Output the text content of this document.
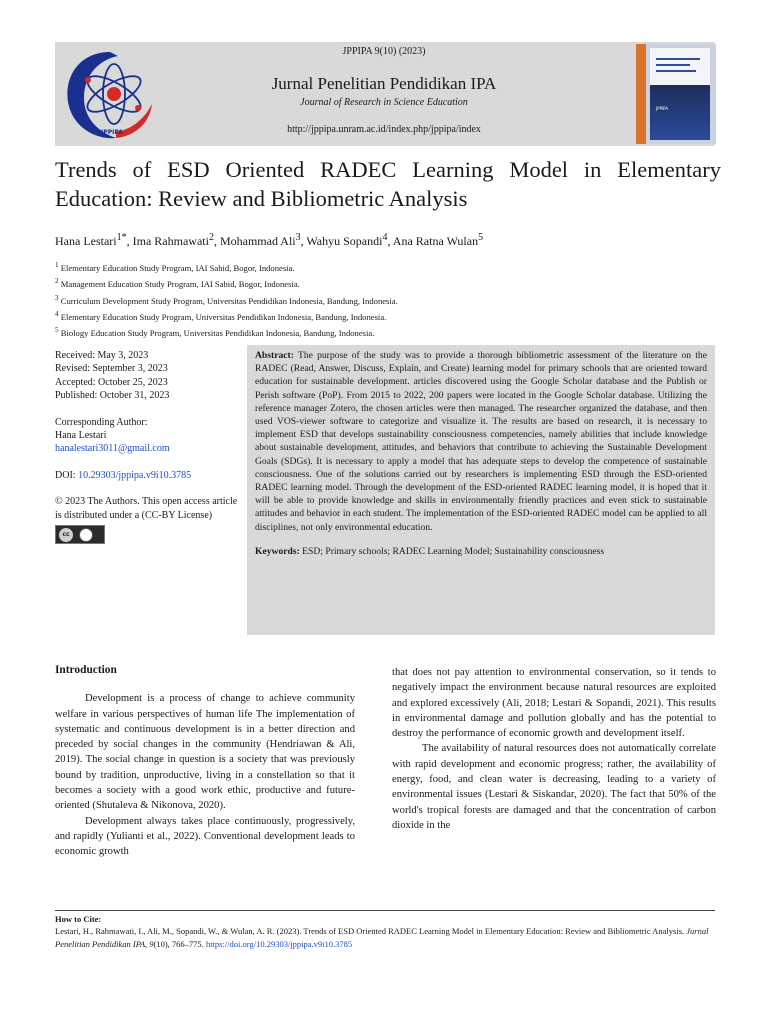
JPPIPA
JPPIPA
JPPIPA 9(10) (2023)
Jurnal Penelitian Pendidikan IPA
Journal of Research in Science Education
http://jppipa.unram.ac.id/index.php/jppipa/index
Trends of ESD Oriented RADEC Learning Model in Elementary Education: Review and Bibliometric Analysis
Hana Lestari$^{1*}$, Ima Rahmawati$^2$, Mohammad Ali$^3$, Wahyu Sopandi$^4$, Ana Ratna Wulan$^5$
$^1$ Elementary Education Study Program, IAI Sahid, Bogor, Indonesia.
$^2$ Management Education Study Program, IAI Sahid, Bogor, Indonesia.
$^3$ Curriculum Development Study Program, Universitas Pendidikan Indonesia, Bandung, Indonesia.
$^4$ Elementary Education Study Program, Universitas Pendidikan Indonesia, Bandung, Indonesia.
$^5$ Biology Education Study Program, Universitas Pendidikan Indonesia, Bandung, Indonesia.
Received: May 3, 2023
Revised: September 3, 2023
Accepted: October 25, 2023
Published: October 31, 2023
Corresponding Author:
Hana Lestari
hanalestari3011@gmail.com
DOI: 10.29303/jppipa.v9i10.3785
© 2023 The Authors. This open access article is distributed under a (CC-BY License)
cc
Abstract: The purpose of the study was to provide a thorough bibliometric assessment of the literature on the RADEC (Read, Answer, Discuss, Explain, and Create) learning model for primary schools that are oriented toward education for sustainable development. articles discovered using the Google Scholar database and the Publish or Perish software (PoP). From 2015 to 2022, 200 papers were located in the Google Scholar database. Utilizing the reference manager Zotero, the chosen articles were then managed. The researcher organized the database, and then used VOS-viewer software to categorize and visualize it. The results are based on research, it is necessary to implement ESD that develops sustainability consciousness competencies, namely abilities that include knowledge about sustainable development, attitudes, and behaviors that contribute to achieving the Sustainable Development Goals (SDGs). It is necessary to apply a model that has adequate steps to develop the competence of sustainable consciousness. One of the solutions carried out by researchers is implementing ESD through the ESD-oriented RADEC learning model. Through the development of the ESD-oriented RADEC learning model, it is hoped that it will be able to provide knowledge and skills in environmentally friendly practices and even stick to sustainable attitudes and behavior in each student. The implementation of the ESD-oriented RADEC model can be applied to all disciplines, not only environmental education.
Keywords: ESD; Primary schools; RADEC Learning Model; Sustainability consciousness
Introduction

Development is a process of change to achieve community welfare in various perspectives of human life The implementation of systematic and continuous development is in a better direction and preceded by social changes in the community (Hendriawan & Ali, 2019). The social change in question is a society that was previously bound by tradition, unproductive, living in a constellation so that it becomes a society with a good work ethic, productive and future-oriented (Shutaleva & Nikonova, 2020).

Development always takes place continuously, progressively, and rapidly (Yulianti et al., 2022). Conventional development leads to economic growth

that does not pay attention to environmental conservation, so it tends to negatively impact the environment because natural resources are exploited and explored excessively (Ali, 2018; Lestari & Sopandi, 2021). This results in environmental damage and pollution globally and has the potential to destroy the performance of economic growth and development itself.

The availability of natural resources does not automatically correlate with rapid development and economic progress; rather, the availability of energy, food, and clean water is decreasing, leading to a variety of environmental issues (Lestari & Siskandar, 2020). The fact that 50% of the world's tropical forests are damaged and that the concentration of carbon dioxide in the

How to Cite:
Lestari, H., Rahmawati, I., Ali, M., Sopandi, W., & Wulan, A. R. (2023). Trends of ESD Oriented RADEC Learning Model in Elementary Education: Review and Bibliometric Analysis. Jurnal Penelitian Pendidikan IPA, 9(10), 766–775. https://doi.org/10.29303/jppipa.v9i10.3785
